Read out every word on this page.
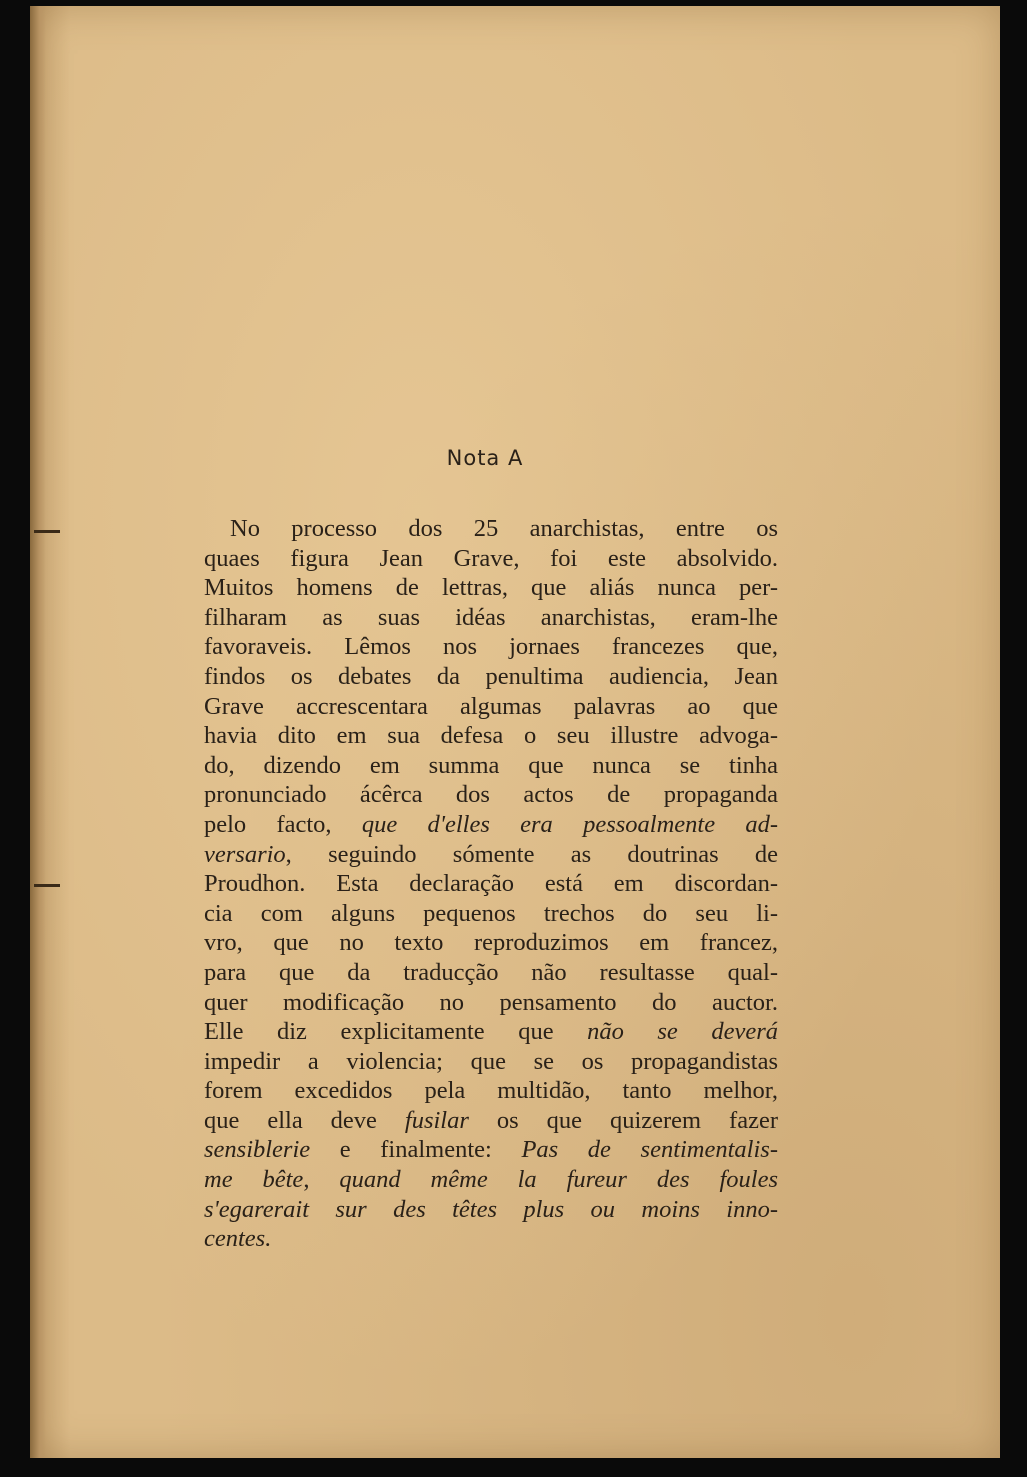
Nota A
No processo dos 25 anarchistas, entre os
quaes figura Jean Grave, foi este absolvido.
Muitos homens de lettras, que aliás nunca per-
filharam as suas idéas anarchistas, eram-lhe
favoraveis. Lêmos nos jornaes francezes que,
findos os debates da penultima audiencia, Jean
Grave accrescentara algumas palavras ao que
havia dito em sua defesa o seu illustre advoga-
do, dizendo em summa que nunca se tinha
pronunciado ácêrca dos actos de propaganda
pelo facto, que d'elles era pessoalmente ad-
versario, seguindo sómente as doutrinas de
Proudhon. Esta declaração está em discordan-
cia com alguns pequenos trechos do seu li-
vro, que no texto reproduzimos em francez,
para que da traducção não resultasse qual-
quer modificação no pensamento do auctor.
Elle diz explicitamente que não se deverá
impedir a violencia; que se os propagandistas
forem excedidos pela multidão, tanto melhor,
que ella deve fusilar os que quizerem fazer
sensiblerie e finalmente: Pas de sentimentalis-
me bête, quand même la fureur des foules
s'egarerait sur des têtes plus ou moins inno-
centes.
